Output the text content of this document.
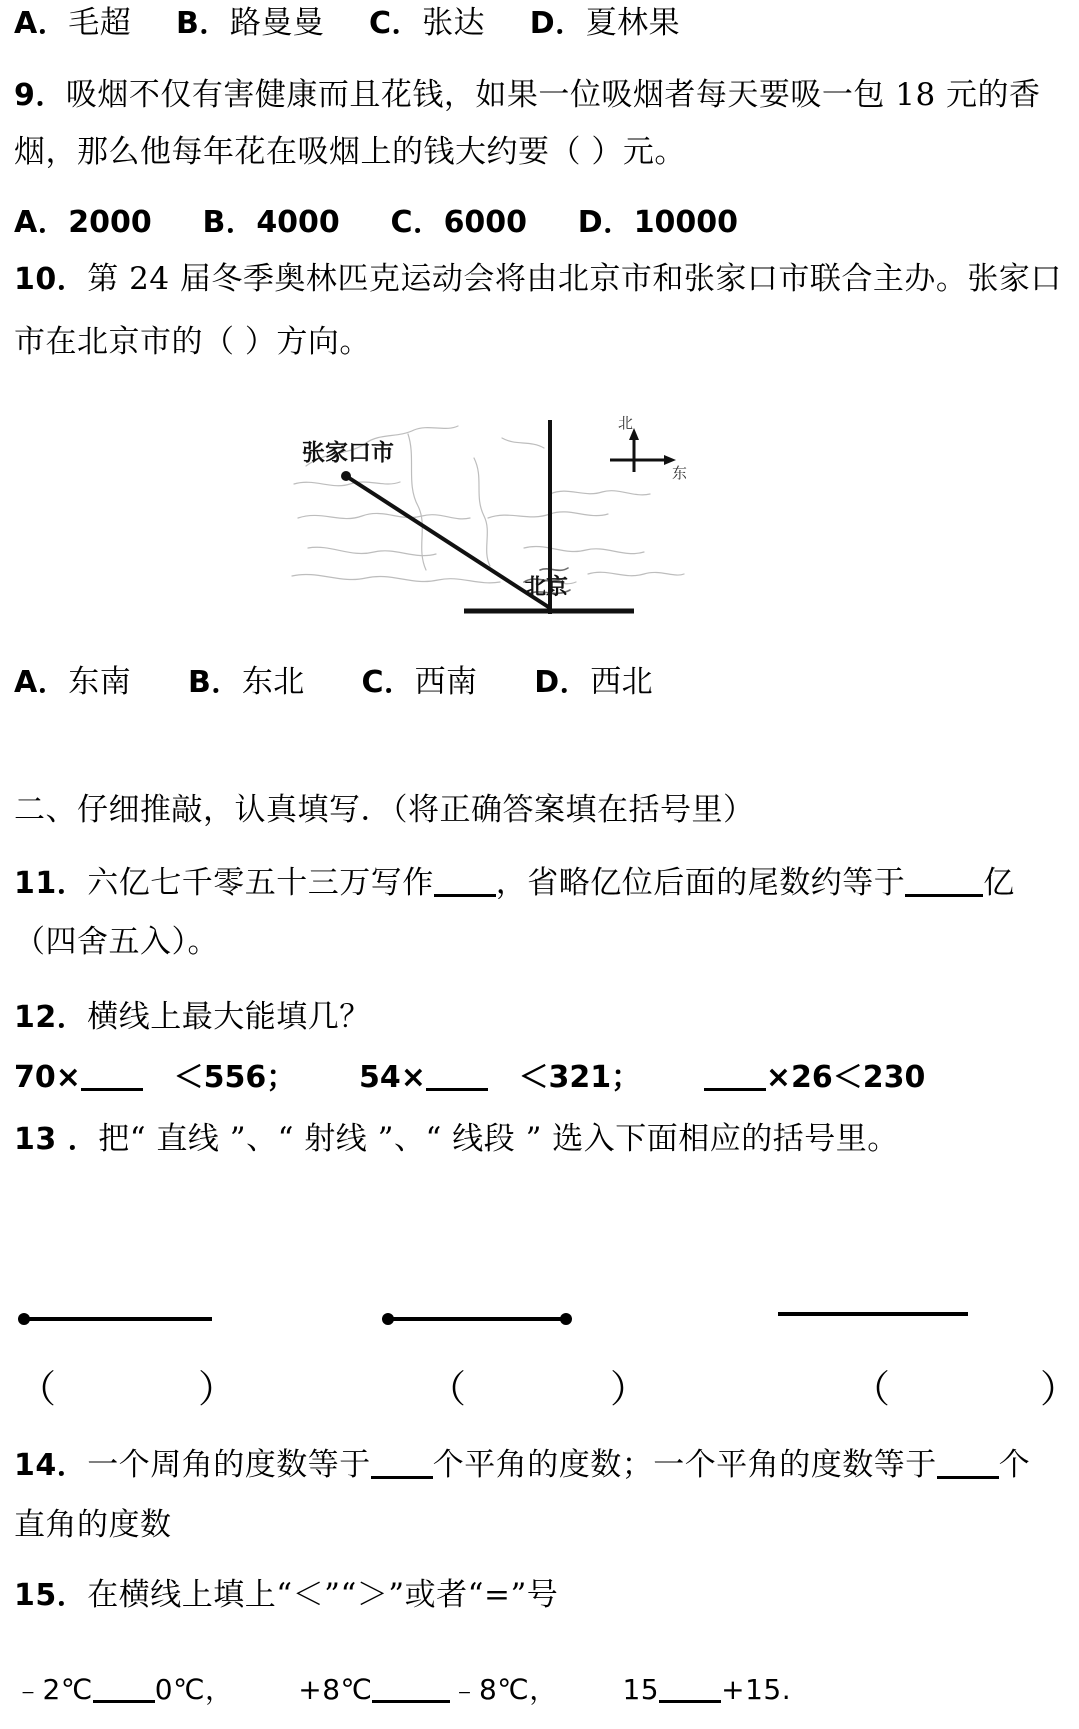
A．毛超 B．路曼曼 C．张达 D．夏林果
9．吸烟不仅有害健康而且花钱，如果一位吸烟者每天要吸一包 18 元的香
烟，那么他每年花在吸烟上的钱大约要（ ）元。
A．2000 B．4000 C．6000 D．10000
10．第 24 届冬季奥林匹克运动会将由北京市和张家口市联合主办。张家口
市在北京市的（ ）方向。
张家口市
北京
北
东
A．东南 B．东北 C．西南 D．西北
二、仔细推敲，认真填写．（将正确答案填在括号里）
11．六亿七千零五十三万写作 ，省略亿位后面的尾数约等于	亿
（四舍五入）。
12．横线上最大能填几？
70×	＜556； 54×	＜321；	×26＜230
13 ．把“ 直线 ”、“ 射线 ”、“ 线段 ” 选入下面相应的括号里。
（	）	（	）	（	）
14．一个周角的度数等于 个平角的度数；一个平角的度数等于 个
直角的度数
15．在横线上填上“＜”“＞”或者“=”号
﹣2℃ 0℃， +8℃	﹣8℃， 15 +15.
